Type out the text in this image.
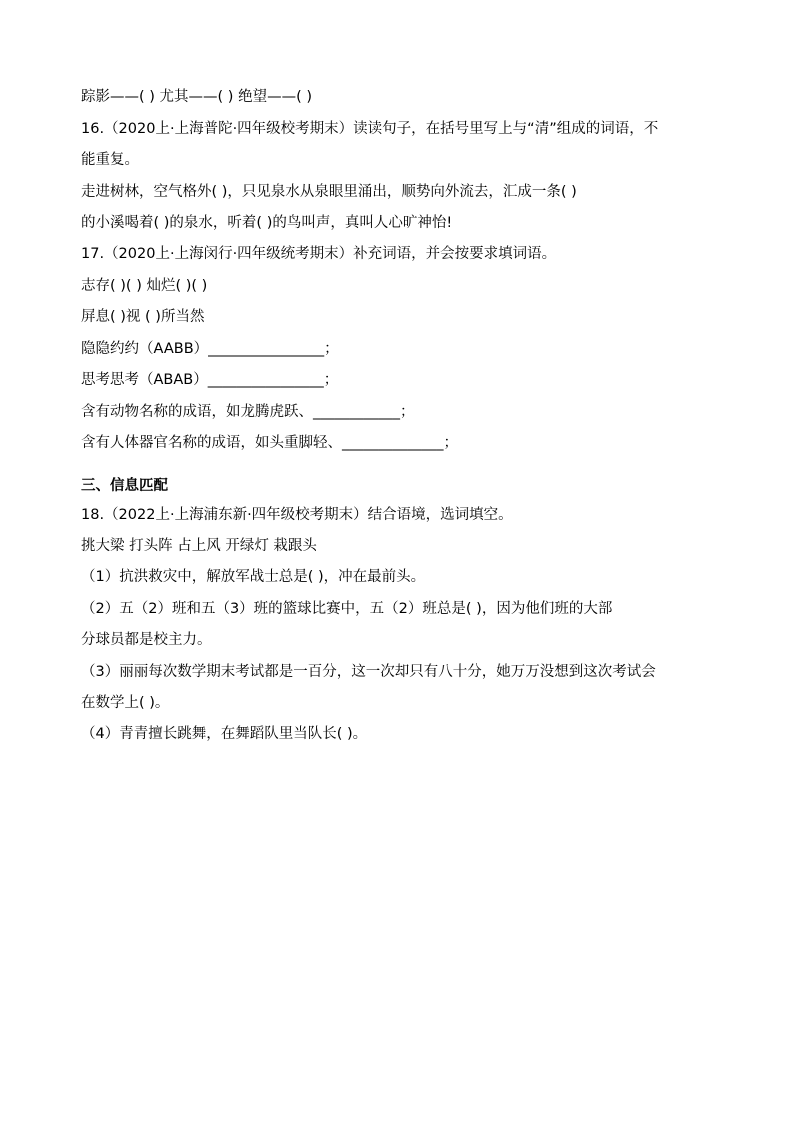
踪影——( ) 尤其——( ) 绝望——( )
16.（2020上·上海普陀·四年级校考期末）读读句子，在括号里写上与“清”组成的词语，不
能重复。
走进树林，空气格外( )，只见泉水从泉眼里涌出，顺势向外流去，汇成一条( )
的小溪喝着( )的泉水，听着( )的鸟叫声，真叫人心旷神怡!
17.（2020上·上海闵行·四年级统考期末）补充词语，并会按要求填词语。
志存( )( ) 灿烂( )( )
屏息( )视 ( )所当然
隐隐约约（AABB）________________；
思考思考（ABAB）________________；
含有动物名称的成语，如龙腾虎跃、____________；
含有人体器官名称的成语，如头重脚轻、______________；
三、信息匹配
18.（2022上·上海浦东新·四年级校考期末）结合语境，选词填空。
挑大梁 打头阵 占上风 开绿灯 栽跟头
（1）抗洪救灾中，解放军战士总是( )，冲在最前头。
（2）五（2）班和五（3）班的篮球比赛中，五（2）班总是( )，因为他们班的大部
分球员都是校主力。
（3）丽丽每次数学期末考试都是一百分，这一次却只有八十分，她万万没想到这次考试会
在数学上( )。
（4）青青擅长跳舞，在舞蹈队里当队长( )。
